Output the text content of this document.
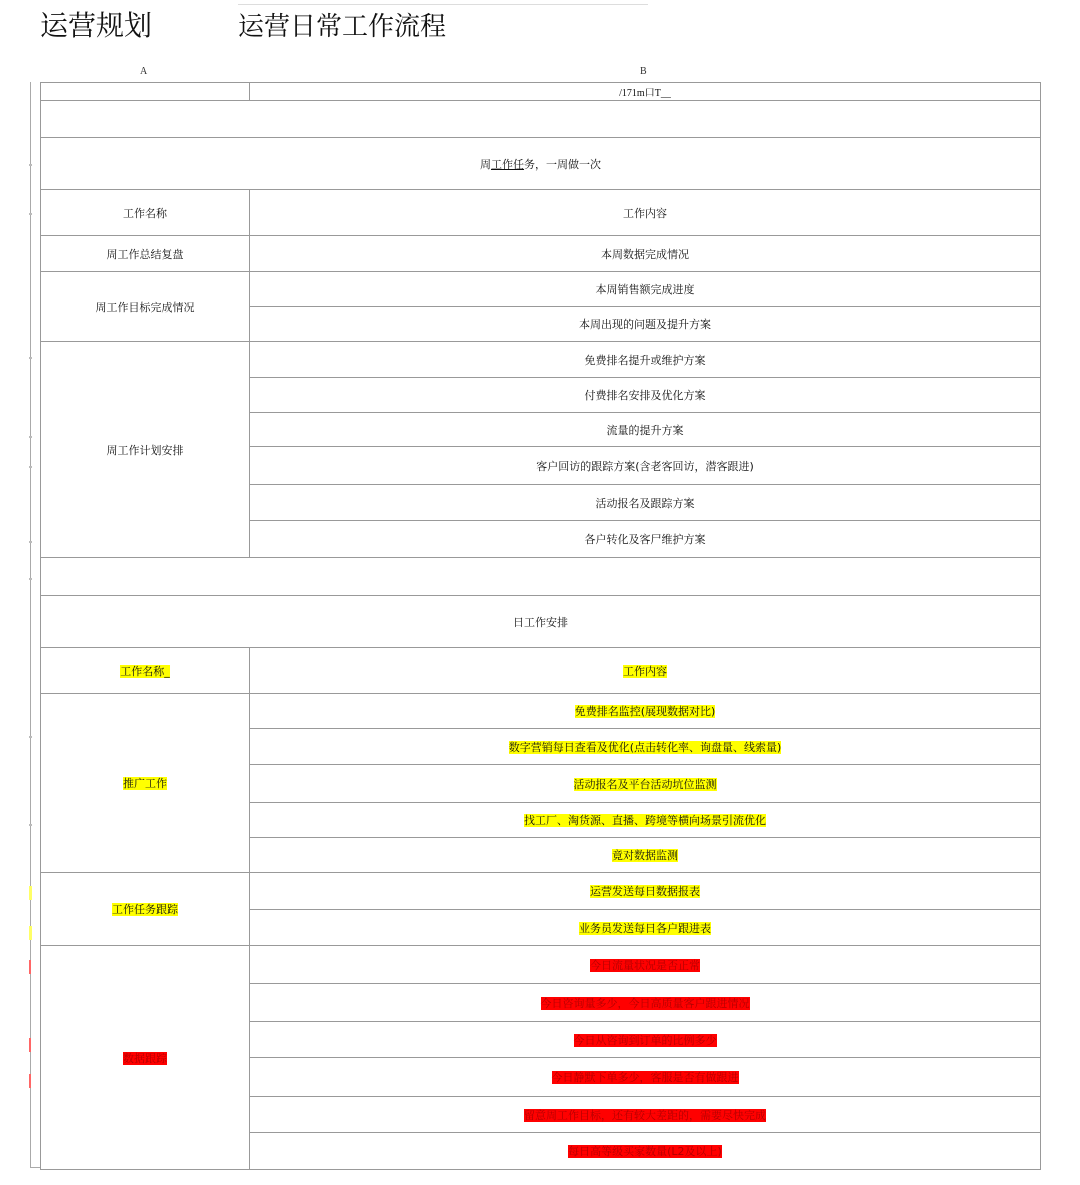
运营规划	运营日常工作流程
A	B
	/171m口T__

周工作任务，一周做一次	
工作名称	工作内容
周工作总结复盘	本周数据完成情况
周工作目标完成情况	本周销售额完成进度
	本周出现的问题及提升方案
周工作计划安排	免费排名提升或维护方案
	付费排名安排及优化方案
	流量的提升方案
	客户回访的跟踪方案(含老客回访，潜客跟进)
	活动报名及跟踪方案
	各户转化及客尸维护方案

日工作安排	
工作名称_	工作内容
推广工作	免费排名监控(展现数据对比)
	数字营销每日查看及优化(点击转化率、询盘量、线索量)
	活动报名及平台活动坑位监测
	找工厂、淘货源、直播、跨境等横向场景引流优化
	竟对数据监测
工作任务跟踪	运营发送每日数据报表
	业务员发送每日各户跟进表
数据跟踪	今日流量状况是否正常
	今日咨询量多少，今日高质量客户跟进情况
	今日从咨询到订单的比例多少
	今日静默下单多少，客服是否有做跟进
	留意周工作目标，还有较大差距的，需要尽快完成
	每日高等级买家数量(L2及以上)
